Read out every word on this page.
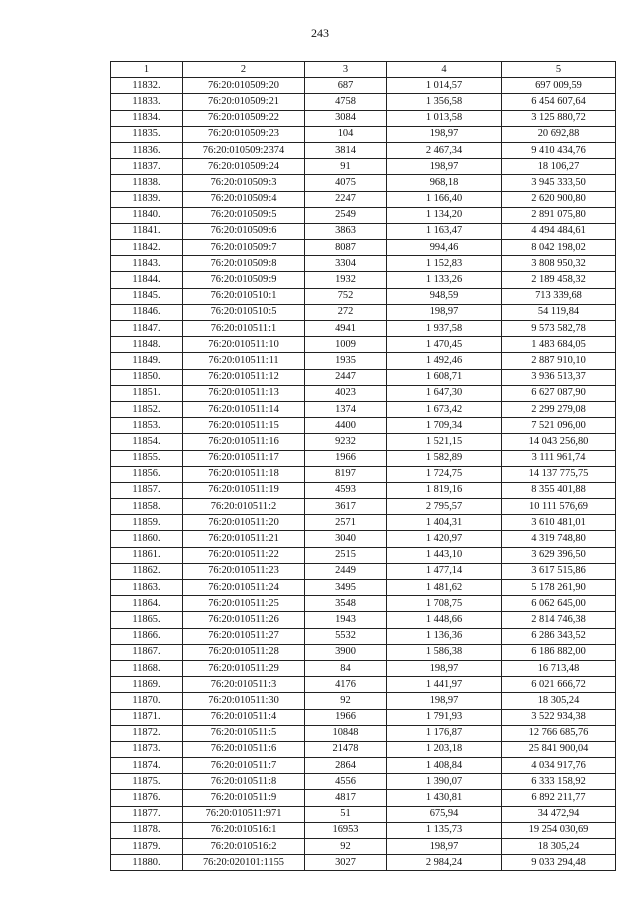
243
1	2	3	4	5
11832.	76:20:010509:20	687	1 014,57	697 009,59
11833.	76:20:010509:21	4758	1 356,58	6 454 607,64
11834.	76:20:010509:22	3084	1 013,58	3 125 880,72
11835.	76:20:010509:23	104	198,97	20 692,88
11836.	76:20:010509:2374	3814	2 467,34	9 410 434,76
11837.	76:20:010509:24	91	198,97	18 106,27
11838.	76:20:010509:3	4075	968,18	3 945 333,50
11839.	76:20:010509:4	2247	1 166,40	2 620 900,80
11840.	76:20:010509:5	2549	1 134,20	2 891 075,80
11841.	76:20:010509:6	3863	1 163,47	4 494 484,61
11842.	76:20:010509:7	8087	994,46	8 042 198,02
11843.	76:20:010509:8	3304	1 152,83	3 808 950,32
11844.	76:20:010509:9	1932	1 133,26	2 189 458,32
11845.	76:20:010510:1	752	948,59	713 339,68
11846.	76:20:010510:5	272	198,97	54 119,84
11847.	76:20:010511:1	4941	1 937,58	9 573 582,78
11848.	76:20:010511:10	1009	1 470,45	1 483 684,05
11849.	76:20:010511:11	1935	1 492,46	2 887 910,10
11850.	76:20:010511:12	2447	1 608,71	3 936 513,37
11851.	76:20:010511:13	4023	1 647,30	6 627 087,90
11852.	76:20:010511:14	1374	1 673,42	2 299 279,08
11853.	76:20:010511:15	4400	1 709,34	7 521 096,00
11854.	76:20:010511:16	9232	1 521,15	14 043 256,80
11855.	76:20:010511:17	1966	1 582,89	3 111 961,74
11856.	76:20:010511:18	8197	1 724,75	14 137 775,75
11857.	76:20:010511:19	4593	1 819,16	8 355 401,88
11858.	76:20:010511:2	3617	2 795,57	10 111 576,69
11859.	76:20:010511:20	2571	1 404,31	3 610 481,01
11860.	76:20:010511:21	3040	1 420,97	4 319 748,80
11861.	76:20:010511:22	2515	1 443,10	3 629 396,50
11862.	76:20:010511:23	2449	1 477,14	3 617 515,86
11863.	76:20:010511:24	3495	1 481,62	5 178 261,90
11864.	76:20:010511:25	3548	1 708,75	6 062 645,00
11865.	76:20:010511:26	1943	1 448,66	2 814 746,38
11866.	76:20:010511:27	5532	1 136,36	6 286 343,52
11867.	76:20:010511:28	3900	1 586,38	6 186 882,00
11868.	76:20:010511:29	84	198,97	16 713,48
11869.	76:20:010511:3	4176	1 441,97	6 021 666,72
11870.	76:20:010511:30	92	198,97	18 305,24
11871.	76:20:010511:4	1966	1 791,93	3 522 934,38
11872.	76:20:010511:5	10848	1 176,87	12 766 685,76
11873.	76:20:010511:6	21478	1 203,18	25 841 900,04
11874.	76:20:010511:7	2864	1 408,84	4 034 917,76
11875.	76:20:010511:8	4556	1 390,07	6 333 158,92
11876.	76:20:010511:9	4817	1 430,81	6 892 211,77
11877.	76:20:010511:971	51	675,94	34 472,94
11878.	76:20:010516:1	16953	1 135,73	19 254 030,69
11879.	76:20:010516:2	92	198,97	18 305,24
11880.	76:20:020101:1155	3027	2 984,24	9 033 294,48
